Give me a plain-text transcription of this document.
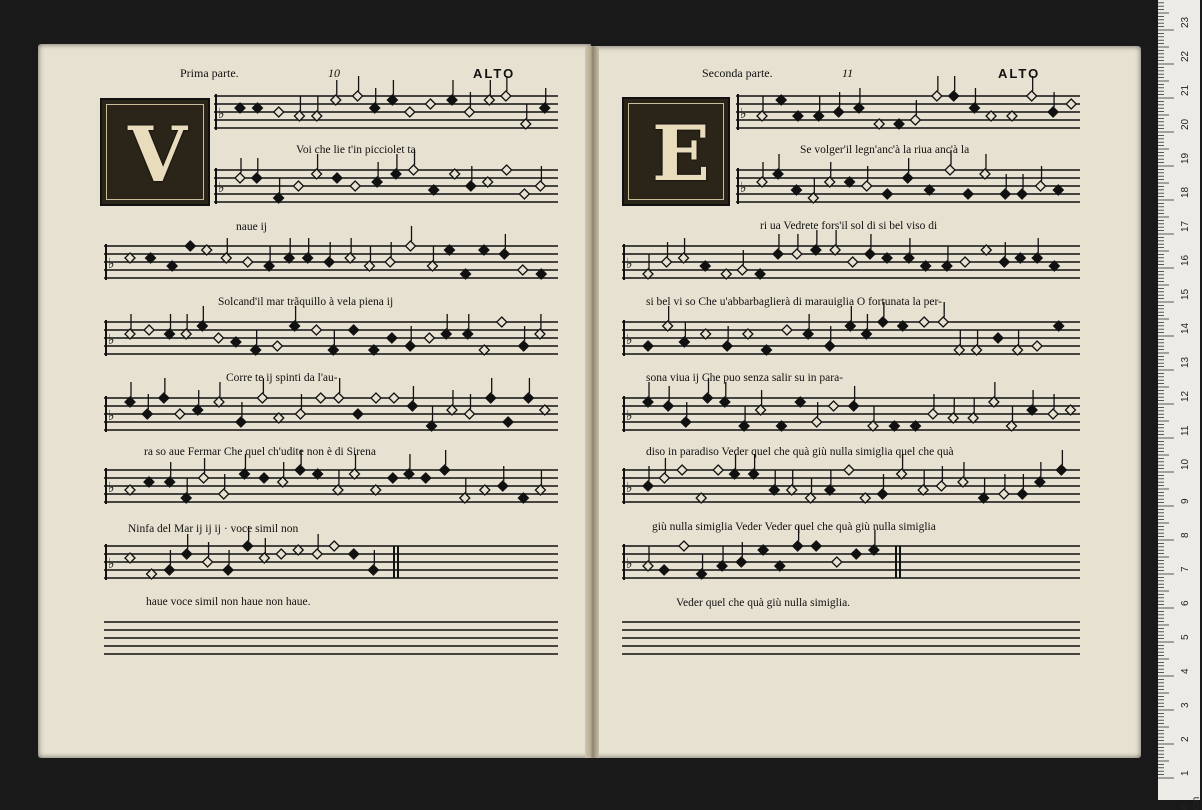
Prima parte.	10	ALTO	Seconda parte.	11	ALTO
V	E
♭
♭
♭
♭
♭
♭
♭
♭
♭
♭
♭
♭
♭
♭
Voi che lie t'in picciolet ta
naue ij
Solcand'il mar trãquillo à vela piena ij
Corre te ij spinti da l'au-
ra so aue Fermar Che quel ch'udite non è di Sirena
Ninfa del Mar ij ij ij · voce simil non
haue voce simil non haue non haue.
Se volger'il legn'anc'à la riua anc'à la
ri ua Vedrete fors'il sol di si bel viso di
si bel vi so Che u'abbarbaglierà di marauiglia O fortunata la per-
sona viua ij Che puo senza salir su in para-
diso in paradiso Veder quel che quà giù nulla simiglia quel che quà
giù nulla simiglia Veder Veder quel che quà giù nulla simiglia
Veder quel che quà giù nulla simiglia.
23
22
21
20
19
18
17
16
15
14
13
12
11
10
9
8
7
6
5
4
3
2
1
0 cm
